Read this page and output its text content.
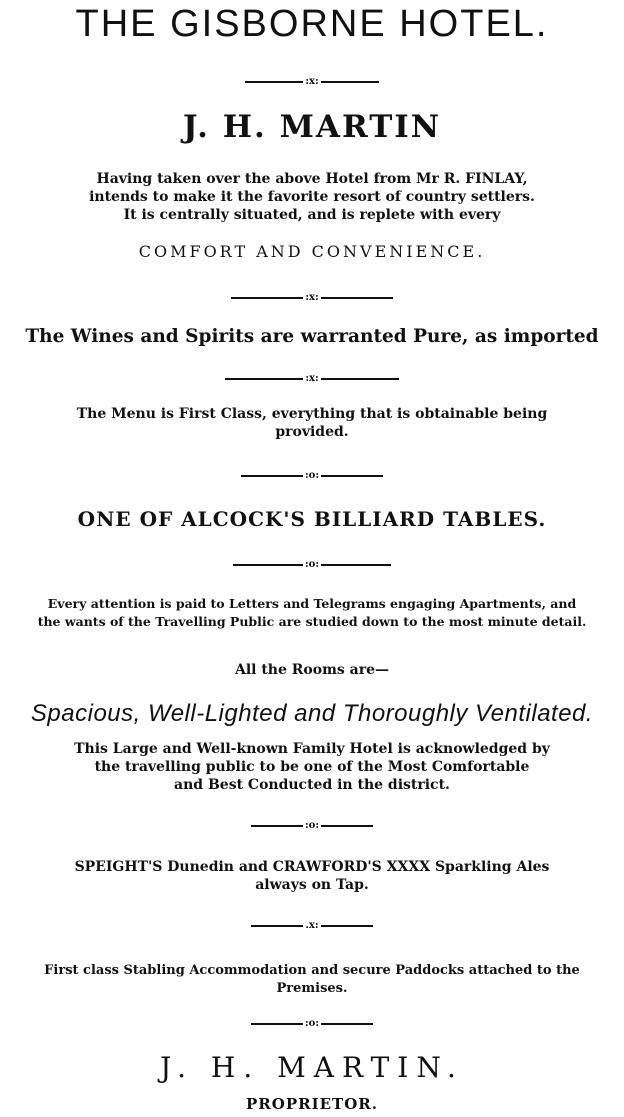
THE GISBORNE HOTEL.
:x:
J. H. MARTIN
Having taken over the above Hotel from Mr R. FINLAY,
intends to make it the favorite resort of country settlers.
It is centrally situated, and is replete with every
COMFORT AND CONVENIENCE.
:x:
The Wines and Spirits are warranted Pure, as imported
:x:
The Menu is First Class, everything that is obtainable being
provided.
:o:
ONE OF ALCOCK'S BILLIARD TABLES.
:o:
Every attention is paid to Letters and Telegrams engaging Apartments, and
the wants of the Travelling Public are studied down to the most minute detail.
All the Rooms are—
Spacious, Well-Lighted and Thoroughly Ventilated.
This Large and Well-known Family Hotel is acknowledged by
the travelling public to be one of the Most Comfortable
and Best Conducted in the district.
:o:
SPEIGHT'S Dunedin and CRAWFORD'S XXXX Sparkling Ales
always on Tap.
.x:
First class Stabling Accommodation and secure Paddocks attached to the
Premises.
:o:
J. H. MARTIN.
PROPRIETOR.
